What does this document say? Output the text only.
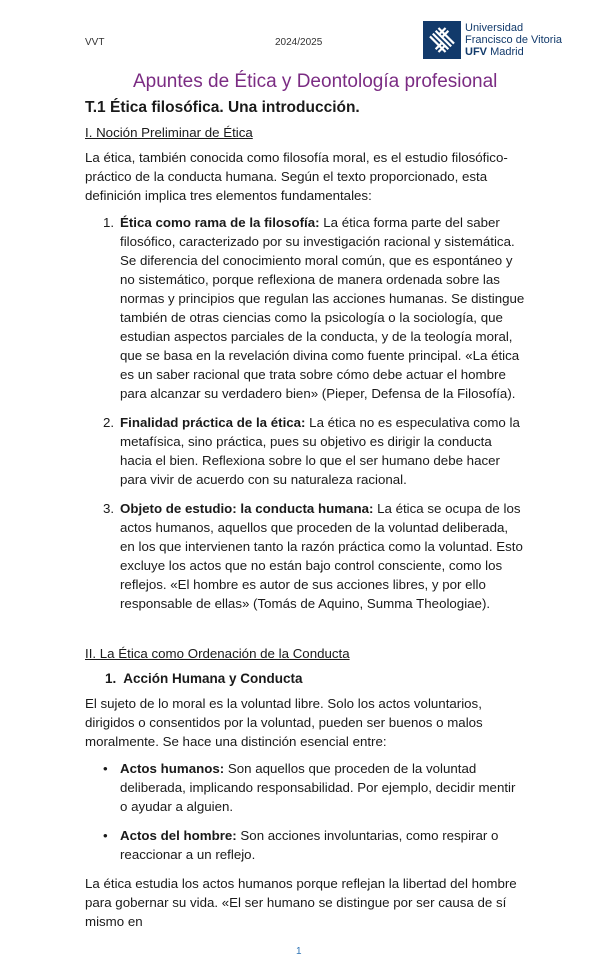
VVT	2024/2025
Universidad
Francisco de Vitoria
UFV Madrid
Apuntes de Ética y Deontología profesional
T.1 Ética filosófica. Una introducción.
I. Noción Preliminar de Ética
La ética, también conocida como filosofía moral, es el estudio filosófico-práctico de la conducta humana. Según el texto proporcionado, esta definición implica tres elementos fundamentales:
1. Ética como rama de la filosofía: La ética forma parte del saber filosófico, caracterizado por su investigación racional y sistemática. Se diferencia del conocimiento moral común, que es espontáneo y no sistemático, porque reflexiona de manera ordenada sobre las normas y principios que regulan las acciones humanas. Se distingue también de otras ciencias como la psicología o la sociología, que estudian aspectos parciales de la conducta, y de la teología moral, que se basa en la revelación divina como fuente principal. «La ética es un saber racional que trata sobre cómo debe actuar el hombre para alcanzar su verdadero bien» (Pieper, Defensa de la Filosofía).
2. Finalidad práctica de la ética: La ética no es especulativa como la metafísica, sino práctica, pues su objetivo es dirigir la conducta hacia el bien. Reflexiona sobre lo que el ser humano debe hacer para vivir de acuerdo con su naturaleza racional.
3. Objeto de estudio: la conducta humana: La ética se ocupa de los actos humanos, aquellos que proceden de la voluntad deliberada, en los que intervienen tanto la razón práctica como la voluntad. Esto excluye los actos que no están bajo control consciente, como los reflejos. «El hombre es autor de sus acciones libres, y por ello responsable de ellas» (Tomás de Aquino, Summa Theologiae).
II. La Ética como Ordenación de la Conducta
1. Acción Humana y Conducta
El sujeto de lo moral es la voluntad libre. Solo los actos voluntarios, dirigidos o consentidos por la voluntad, pueden ser buenos o malos moralmente. Se hace una distinción esencial entre:
• Actos humanos: Son aquellos que proceden de la voluntad deliberada, implicando responsabilidad. Por ejemplo, decidir mentir o ayudar a alguien.
• Actos del hombre: Son acciones involuntarias, como respirar o reaccionar a un reflejo.
La ética estudia los actos humanos porque reflejan la libertad del hombre para gobernar su vida. «El ser humano se distingue por ser causa de sí mismo en
1
